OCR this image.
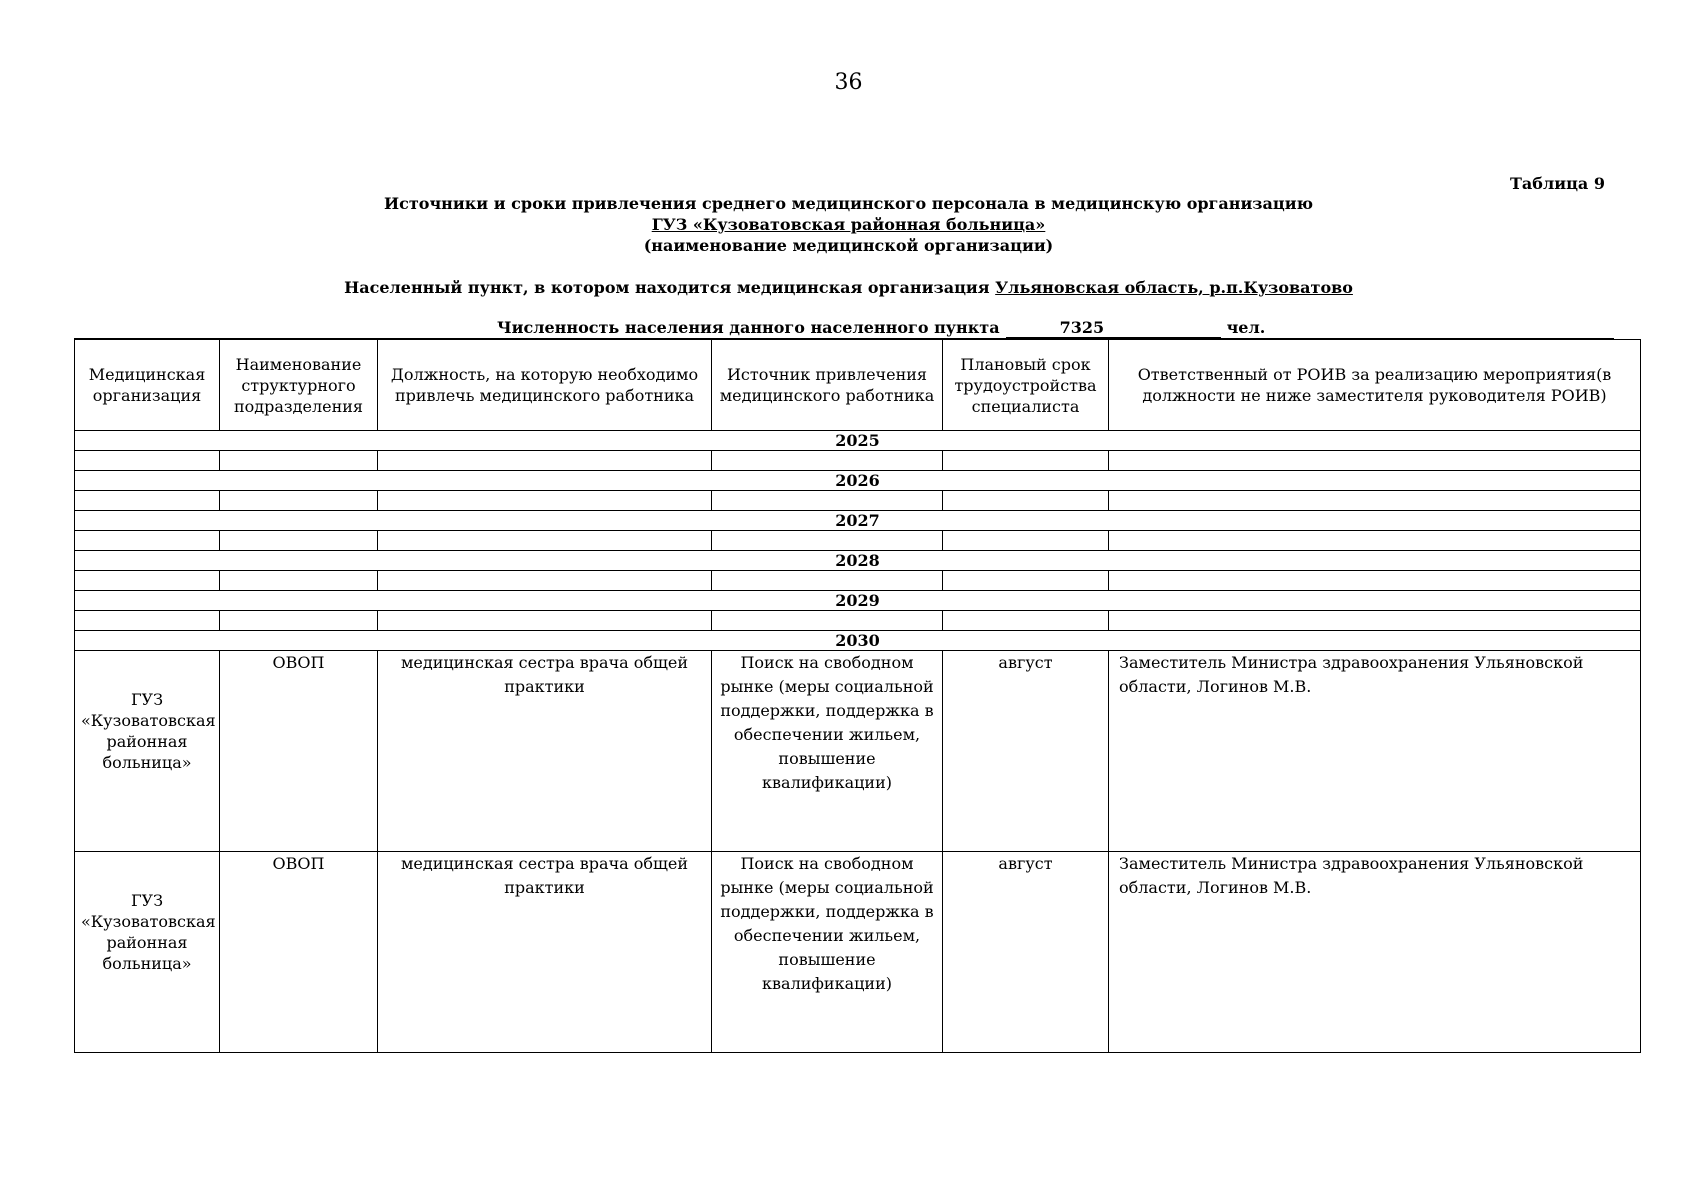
36
Таблица 9
Источники и сроки привлечения среднего медицинского персонала в медицинскую организацию
ГУЗ «Кузоватовская районная больница»
(наименование медицинской организации)
Населенный пункт, в котором находится медицинская организация Ульяновская область, р.п.Кузоватово
Численность населения данного населенного пункта	7325	чел.
Медицинская организация	Наименование структурного подразделения	Должность, на которую необходимо привлечь медицинского работника	Источник привлечения медицинского работника	Плановый срок трудоустройства специалиста	Ответственный от РОИВ за реализацию мероприятия(в должности не ниже заместителя руководителя РОИВ)
2025					

2026					

2027					

2028					

2029					

2030					
ГУЗ «Кузоватовская районная больница»	ОВОП	медицинская сестра врача общей практики	Поиск на свободном рынке (меры социальной поддержки, поддержка в обеспечении жильем, повышение квалификации)	август	Заместитель Министра здравоохранения Ульяновской области, Логинов М.В.
ГУЗ «Кузоватовская районная больница»	ОВОП	медицинская сестра врача общей практики	Поиск на свободном рынке (меры социальной поддержки, поддержка в обеспечении жильем, повышение квалификации)	август	Заместитель Министра здравоохранения Ульяновской области, Логинов М.В.
